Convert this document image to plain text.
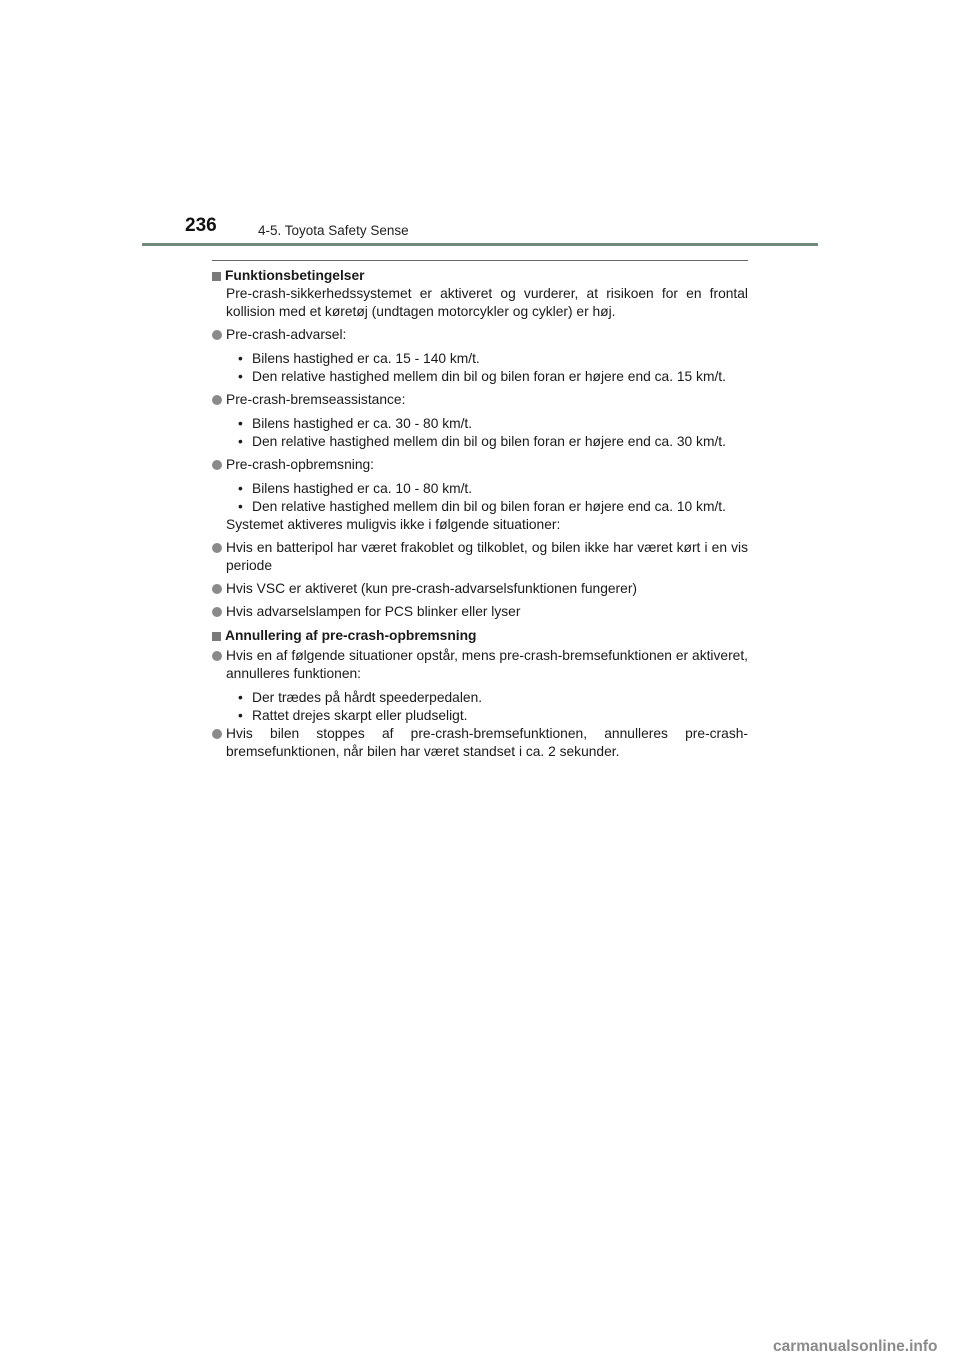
236	4-5. Toyota Safety Sense
Funktionsbetingelser
Pre-crash-sikkerhedssystemet er aktiveret og vurderer, at risikoen for en frontal kollision med et køretøj (undtagen motorcykler og cykler) er høj.
Pre-crash-advarsel:
• Bilens hastighed er ca. 15 - 140 km/t.
• Den relative hastighed mellem din bil og bilen foran er højere end ca. 15 km/t.
Pre-crash-bremseassistance:
• Bilens hastighed er ca. 30 - 80 km/t.
• Den relative hastighed mellem din bil og bilen foran er højere end ca. 30 km/t.
Pre-crash-opbremsning:
• Bilens hastighed er ca. 10 - 80 km/t.
• Den relative hastighed mellem din bil og bilen foran er højere end ca. 10 km/t.
Systemet aktiveres muligvis ikke i følgende situationer:
Hvis en batteripol har været frakoblet og tilkoblet, og bilen ikke har været kørt i en vis periode
Hvis VSC er aktiveret (kun pre-crash-advarselsfunktionen fungerer)
Hvis advarselslampen for PCS blinker eller lyser
Annullering af pre-crash-opbremsning
Hvis en af følgende situationer opstår, mens pre-crash-bremsefunktionen er aktiveret, annulleres funktionen:
• Der trædes på hårdt speederpedalen.
• Rattet drejes skarpt eller pludseligt.
Hvis bilen stoppes af pre-crash-bremsefunktionen, annulleres pre-crash-bremsefunktionen, når bilen har været standset i ca. 2 sekunder.
carmanualsonline.info
